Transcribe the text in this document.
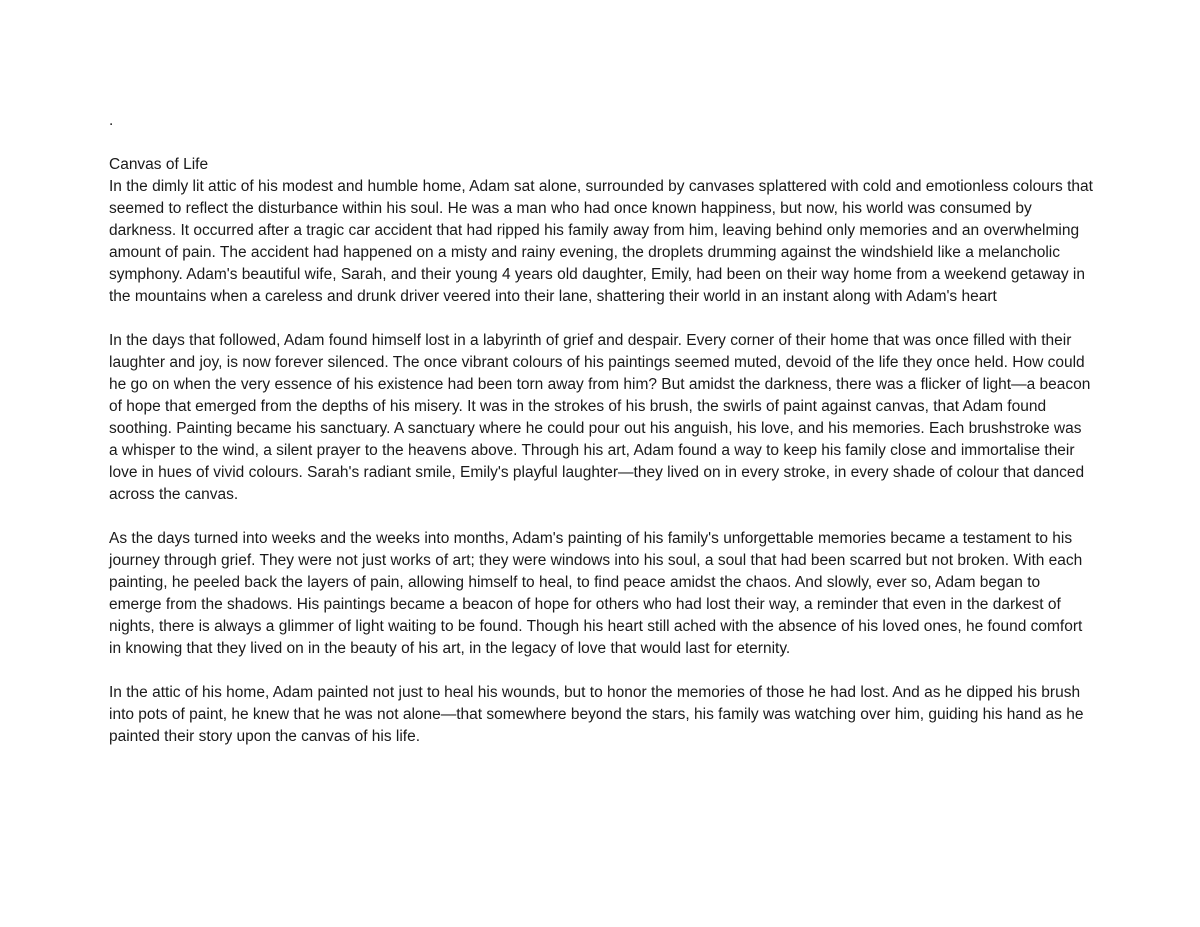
.

Canvas of Life

In the dimly lit attic of his modest and humble home, Adam sat alone, surrounded by canvases splattered with cold and emotionless colours that seemed to reflect the disturbance within his soul. He was a man who had once known happiness, but now, his world was consumed by darkness. It occurred after a tragic car accident that had ripped his family away from him, leaving behind only memories and an overwhelming amount of pain. The accident had happened on a misty and rainy evening, the droplets drumming against the windshield like a melancholic symphony. Adam's beautiful wife, Sarah, and their young 4 years old daughter, Emily, had been on their way home from a weekend getaway in the mountains when a careless and drunk driver veered into their lane, shattering their world in an instant along with Adam's heart

In the days that followed, Adam found himself lost in a labyrinth of grief and despair. Every corner of their home that was once filled with their laughter and joy, is now forever silenced. The once vibrant colours of his paintings seemed muted, devoid of the life they once held. How could he go on when the very essence of his existence had been torn away from him? But amidst the darkness, there was a flicker of light—a beacon of hope that emerged from the depths of his misery. It was in the strokes of his brush, the swirls of paint against canvas, that Adam found soothing. Painting became his sanctuary. A sanctuary where he could pour out his anguish, his love, and his memories. Each brushstroke was a whisper to the wind, a silent prayer to the heavens above. Through his art, Adam found a way to keep his family close and immortalise their love in hues of vivid colours. Sarah's radiant smile, Emily's playful laughter—they lived on in every stroke, in every shade of colour that danced across the canvas.

As the days turned into weeks and the weeks into months, Adam's painting of his family's unforgettable memories became a testament to his journey through grief. They were not just works of art; they were windows into his soul, a soul that had been scarred but not broken. With each painting, he peeled back the layers of pain, allowing himself to heal, to find peace amidst the chaos. And slowly, ever so, Adam began to emerge from the shadows. His paintings became a beacon of hope for others who had lost their way, a reminder that even in the darkest of nights, there is always a glimmer of light waiting to be found. Though his heart still ached with the absence of his loved ones, he found comfort in knowing that they lived on in the beauty of his art, in the legacy of love that would last for eternity.

In the attic of his home, Adam painted not just to heal his wounds, but to honor the memories of those he had lost. And as he dipped his brush into pots of paint, he knew that he was not alone—that somewhere beyond the stars, his family was watching over him, guiding his hand as he painted their story upon the canvas of his life.
